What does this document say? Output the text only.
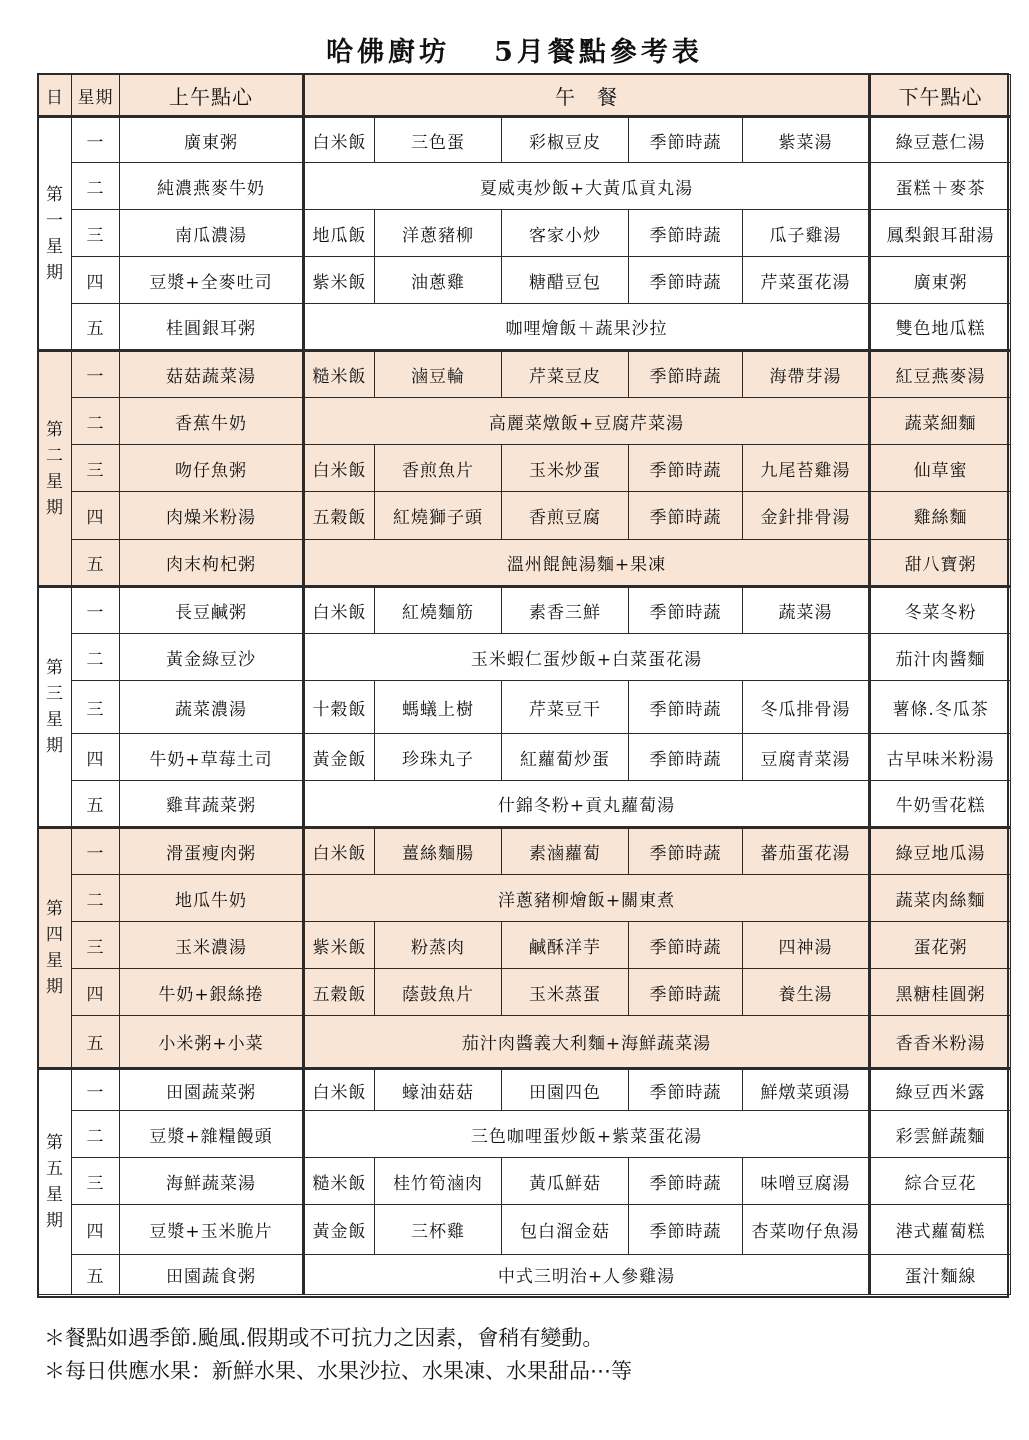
哈佛廚坊 5月餐點參考表
日	星期	上午點心	午　餐					下午點心

第
一
星
期	一	廣東粥	白米飯	三色蛋	彩椒豆皮	季節時蔬	紫菜湯	綠豆薏仁湯
	二	純濃燕麥牛奶	夏威夷炒飯+大黃瓜貢丸湯					蛋糕＋麥茶
	三	南瓜濃湯	地瓜飯	洋蔥豬柳	客家小炒	季節時蔬	瓜子雞湯	鳳梨銀耳甜湯
	四	豆漿+全麥吐司	紫米飯	油蔥雞	糖醋豆包	季節時蔬	芹菜蛋花湯	廣東粥
	五	桂圓銀耳粥	咖哩燴飯＋蔬果沙拉					雙色地瓜糕

第
二
星
期	一	菇菇蔬菜湯	糙米飯	滷豆輪	芹菜豆皮	季節時蔬	海帶芽湯	紅豆燕麥湯
	二	香蕉牛奶	高麗菜燉飯+豆腐芹菜湯					蔬菜細麵
	三	吻仔魚粥	白米飯	香煎魚片	玉米炒蛋	季節時蔬	九尾苔雞湯	仙草蜜
	四	肉燥米粉湯	五穀飯	紅燒獅子頭	香煎豆腐	季節時蔬	金針排骨湯	雞絲麵
	五	肉末枸杞粥	溫州餛飩湯麵+果凍					甜八寶粥

第
三
星
期	一	長豆鹹粥	白米飯	紅燒麵筋	素香三鮮	季節時蔬	蔬菜湯	冬菜冬粉
	二	黃金綠豆沙	玉米蝦仁蛋炒飯+白菜蛋花湯					茄汁肉醬麵
	三	蔬菜濃湯	十穀飯	螞蟻上樹	芹菜豆干	季節時蔬	冬瓜排骨湯	薯條.冬瓜茶
	四	牛奶+草莓土司	黃金飯	珍珠丸子	紅蘿蔔炒蛋	季節時蔬	豆腐青菜湯	古早味米粉湯
	五	雞茸蔬菜粥	什錦冬粉+貢丸蘿蔔湯					牛奶雪花糕

第
四
星
期	一	滑蛋瘦肉粥	白米飯	薑絲麵腸	素滷蘿蔔	季節時蔬	蕃茄蛋花湯	綠豆地瓜湯
	二	地瓜牛奶	洋蔥豬柳燴飯+關東煮					蔬菜肉絲麵
	三	玉米濃湯	紫米飯	粉蒸肉	鹹酥洋芋	季節時蔬	四神湯	蛋花粥
	四	牛奶+銀絲捲	五穀飯	蔭鼓魚片	玉米蒸蛋	季節時蔬	養生湯	黑糖桂圓粥
	五	小米粥+小菜	茄汁肉醬義大利麵+海鮮蔬菜湯					香香米粉湯

第
五
星
期	一	田園蔬菜粥	白米飯	蠔油菇菇	田園四色	季節時蔬	鮮燉菜頭湯	綠豆西米露
	二	豆漿+雜糧饅頭	三色咖哩蛋炒飯+紫菜蛋花湯					彩雲鮮蔬麵
	三	海鮮蔬菜湯	糙米飯	桂竹筍滷肉	黃瓜鮮菇	季節時蔬	味噌豆腐湯	綜合豆花
	四	豆漿+玉米脆片	黃金飯	三杯雞	包白溜金菇	季節時蔬	杏菜吻仔魚湯	港式蘿蔔糕
	五	田園蔬食粥	中式三明治+人參雞湯					蛋汁麵線
＊餐點如遇季節.颱風.假期或不可抗力之因素，會稍有變動。
＊每日供應水果：新鮮水果、水果沙拉、水果凍、水果甜品⋯等
